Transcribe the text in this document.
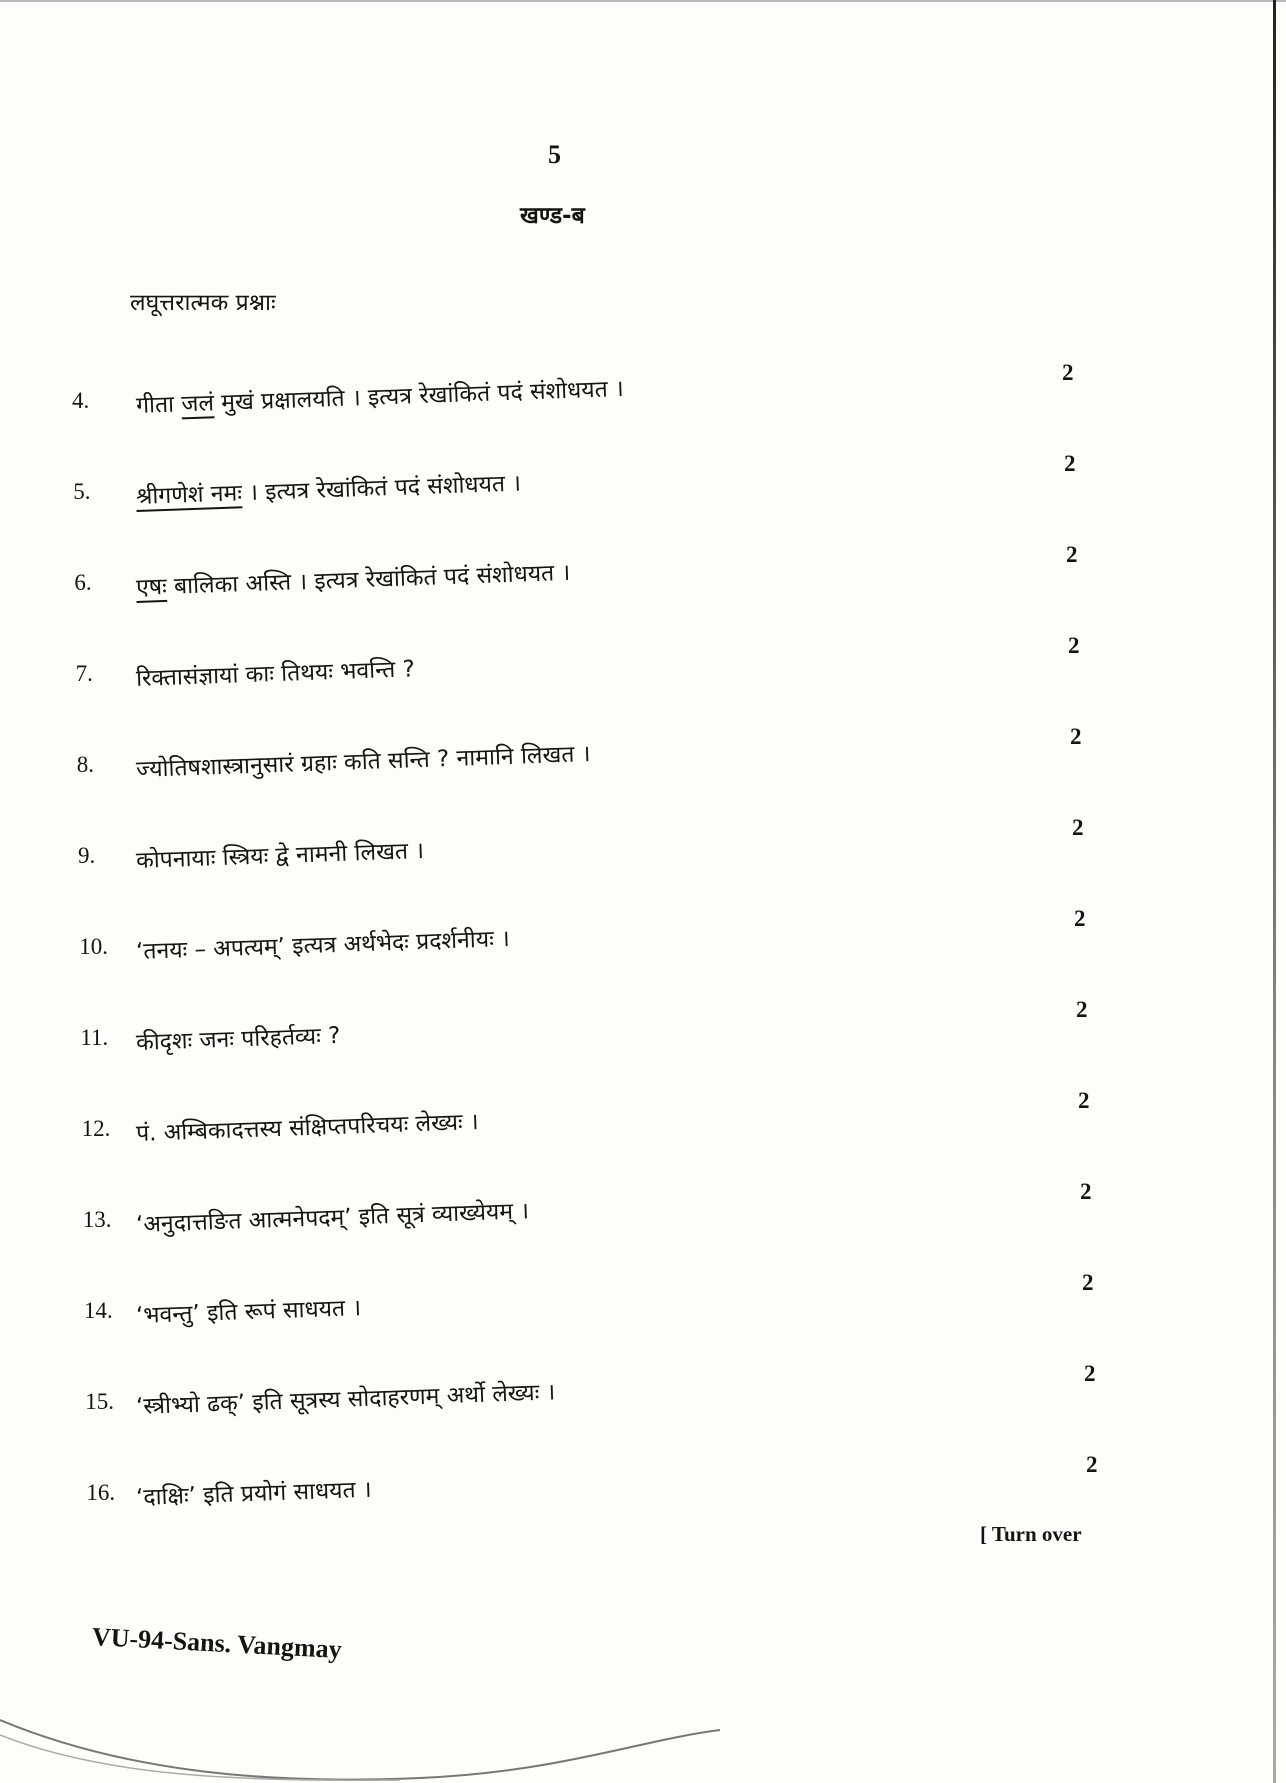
5
खण्ड-ब
लघूत्तरात्मक प्रश्नाः
4. गीता जलं मुखं प्रक्षालयति । इत्यत्र रेखांकितं पदं संशोधयत ।
2
5. श्रीगणेशं नमः । इत्यत्र रेखांकितं पदं संशोधयत ।
2
6. एषः बालिका अस्ति । इत्यत्र रेखांकितं पदं संशोधयत ।
2
7. रिक्तासंज्ञायां काः तिथयः भवन्ति ?
2
8. ज्योतिषशास्त्रानुसारं ग्रहाः कति सन्ति ? नामानि लिखत ।
2
9. कोपनायाः स्त्रियः द्वे नामनी लिखत ।
2
10. ‘तनयः – अपत्यम्’ इत्यत्र अर्थभेदः प्रदर्शनीयः ।
2
11. कीदृशः जनः परिहर्तव्यः ?
2
12. पं. अम्बिकादत्तस्य संक्षिप्तपरिचयः लेख्यः ।
2
13. ‘अनुदात्तङित आत्मनेपदम्’ इति सूत्रं व्याख्येयम् ।
2
14. ‘भवन्तु’ इति रूपं साधयत ।
2
15. ‘स्त्रीभ्यो ढक्’ इति सूत्रस्य सोदाहरणम् अर्थो लेख्यः ।
2
16. ‘दाक्षिः’ इति प्रयोगं साधयत ।
2
[ Turn over
VU-94-Sans. Vangmay
